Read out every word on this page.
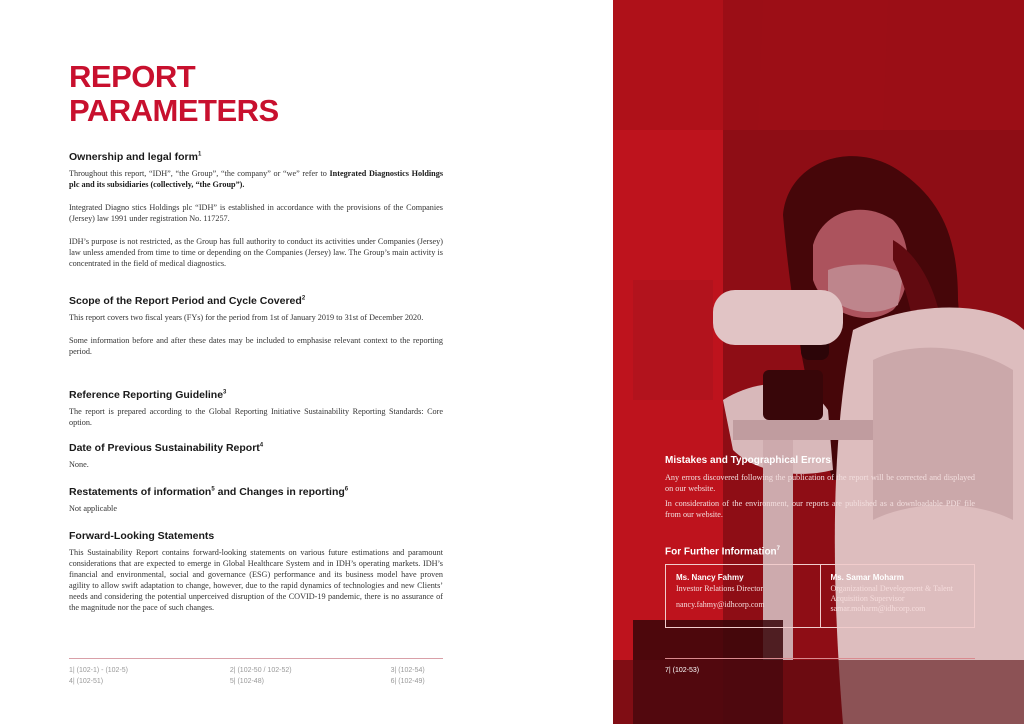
REPORT
PARAMETERS
Ownership and legal form$^1$

Throughout this report, “IDH”, “the Group”, “the company” or “we” refer to Integrated Diagnostics Holdings plc and its subsidiaries (collectively, “the Group”).

Integrated Diagno stics Holdings plc “IDH” is established in accordance with the provisions of the Companies (Jersey) law 1991 under registration No. 117257.

IDH’s purpose is not restricted, as the Group has full authority to conduct its activities under Companies (Jersey) law unless amended from time to time or depending on the Companies (Jersey) law. The Group’s main activity is concentrated in the field of medical diagnostics.

Scope of the Report Period and Cycle Covered$^2$

This report covers two fiscal years (FYs) for the period from 1st of January 2019 to 31st of December 2020.

Some information before and after these dates may be included to emphasise relevant context to the reporting period.

Reference Reporting Guideline$^3$

The report is prepared according to the Global Reporting Initiative Sustainability Reporting Standards: Core option.

Date of Previous Sustainability Report$^4$

None.

Restatements of information$^5$ and Changes in reporting$^6$

Not applicable

Forward-Looking Statements

This Sustainability Report contains forward-looking statements on various future estimations and paramount considerations that are expected to emerge in Global Healthcare System and in IDH’s operating markets. IDH’s financial and environmental, social and governance (ESG) performance and its business model have proven agility to allow swift adaptation to change, however, due to the rapid dynamics of technologies and new Clients’ needs and considering the potential unperceived disruption of the COVID-19 pandemic, there is no assurance of the magnitude nor the pace of such changes.

1| (102-1) - (102-5)	2| (102-50 / 102-52)	3| (102-54)
4| (102-51)	5| (102-48)	6| (102-49)
Mistakes and Typographical Errors

Any errors discovered following the publication of the report will be corrected and displayed on our website.

In consideration of the environment, our reports are published as a downloadable PDF file from our website.

For Further Information$^7$
Ms. Nancy Fahmy
Investor Relations Director
nancy.fahmy@idhcorp.com
Ms. Samar Moharm
Organizational Development & Talent Acquisition Supervisor
samar.moharm@idhcorp.com
7| (102-53)
